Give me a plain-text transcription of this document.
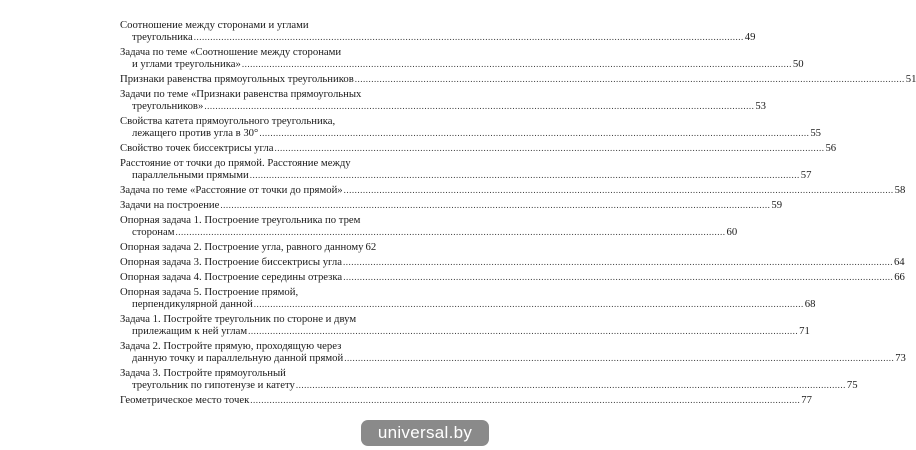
Соотношение между сторонами и углами
треугольника ........................................................................................................................................................................................................ 49
Задача по теме «Соотношение между сторонами
и углами треугольника» ........................................................................................................................................................................................................ 50
Признаки равенства прямоугольных треугольников ........................................................................................................................................................................................................ 51
Задачи по теме «Признаки равенства прямоугольных
треугольников» ........................................................................................................................................................................................................ 53
Свойства катета прямоугольного треугольника,
лежащего против угла в 30° ........................................................................................................................................................................................................ 55
Свойство точек биссектрисы угла ........................................................................................................................................................................................................ 56
Расстояние от точки до прямой. Расстояние между
параллельными прямыми ........................................................................................................................................................................................................ 57
Задача по теме «Расстояние от точки до прямой» ........................................................................................................................................................................................................ 58
Задачи на построение ........................................................................................................................................................................................................ 59
Опорная задача 1. Построение треугольника по трем
сторонам ........................................................................................................................................................................................................ 60
Опорная задача 2. Построение угла, равного данному 62
Опорная задача 3. Построение биссектрисы угла ........................................................................................................................................................................................................ 64
Опорная задача 4. Построение середины отрезка ........................................................................................................................................................................................................ 66
Опорная задача 5. Построение прямой,
перпендикулярной данной ........................................................................................................................................................................................................ 68
Задача 1. Постройте треугольник по стороне и двум
прилежащим к ней углам ........................................................................................................................................................................................................ 71
Задача 2. Постройте прямую, проходящую через
данную точку и параллельную данной прямой ........................................................................................................................................................................................................ 73
Задача 3. Постройте прямоугольный
треугольник по гипотенузе и катету ........................................................................................................................................................................................................ 75
Геометрическое место точек ........................................................................................................................................................................................................ 77
universal.by
